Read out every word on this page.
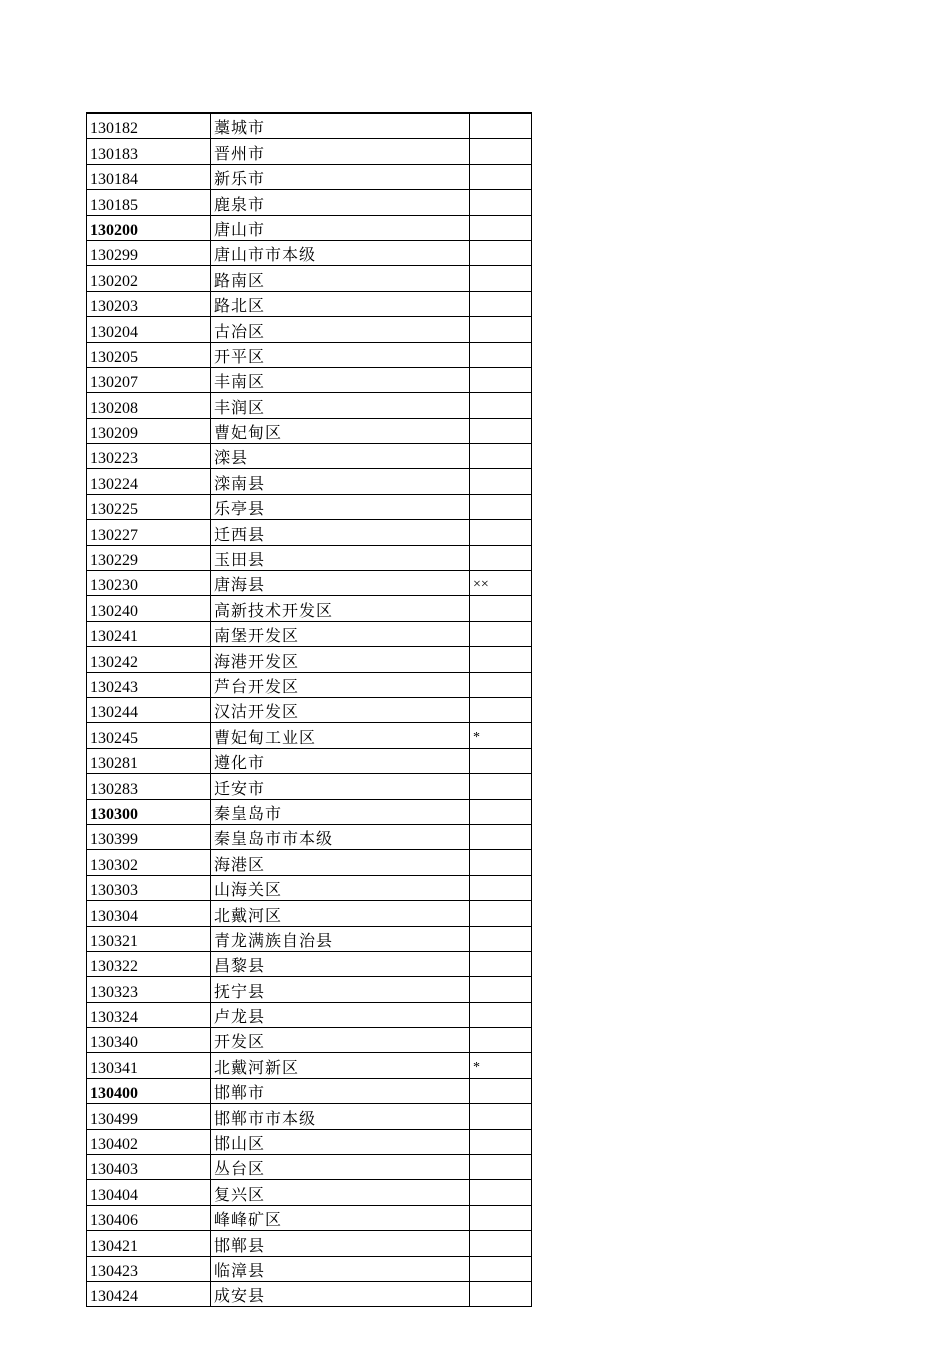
130182	藁城市	
130183	晋州市	
130184	新乐市	
130185	鹿泉市	
130200	唐山市	
130299	唐山市市本级	
130202	路南区	
130203	路北区	
130204	古冶区	
130205	开平区	
130207	丰南区	
130208	丰润区	
130209	曹妃甸区	
130223	滦县	
130224	滦南县	
130225	乐亭县	
130227	迁西县	
130229	玉田县	
130230	唐海县	××
130240	高新技术开发区	
130241	南堡开发区	
130242	海港开发区	
130243	芦台开发区	
130244	汉沽开发区	
130245	曹妃甸工业区	*
130281	遵化市	
130283	迁安市	
130300	秦皇岛市	
130399	秦皇岛市市本级	
130302	海港区	
130303	山海关区	
130304	北戴河区	
130321	青龙满族自治县	
130322	昌黎县	
130323	抚宁县	
130324	卢龙县	
130340	开发区	
130341	北戴河新区	*
130400	邯郸市	
130499	邯郸市市本级	
130402	邯山区	
130403	丛台区	
130404	复兴区	
130406	峰峰矿区	
130421	邯郸县	
130423	临漳县	
130424	成安县	
